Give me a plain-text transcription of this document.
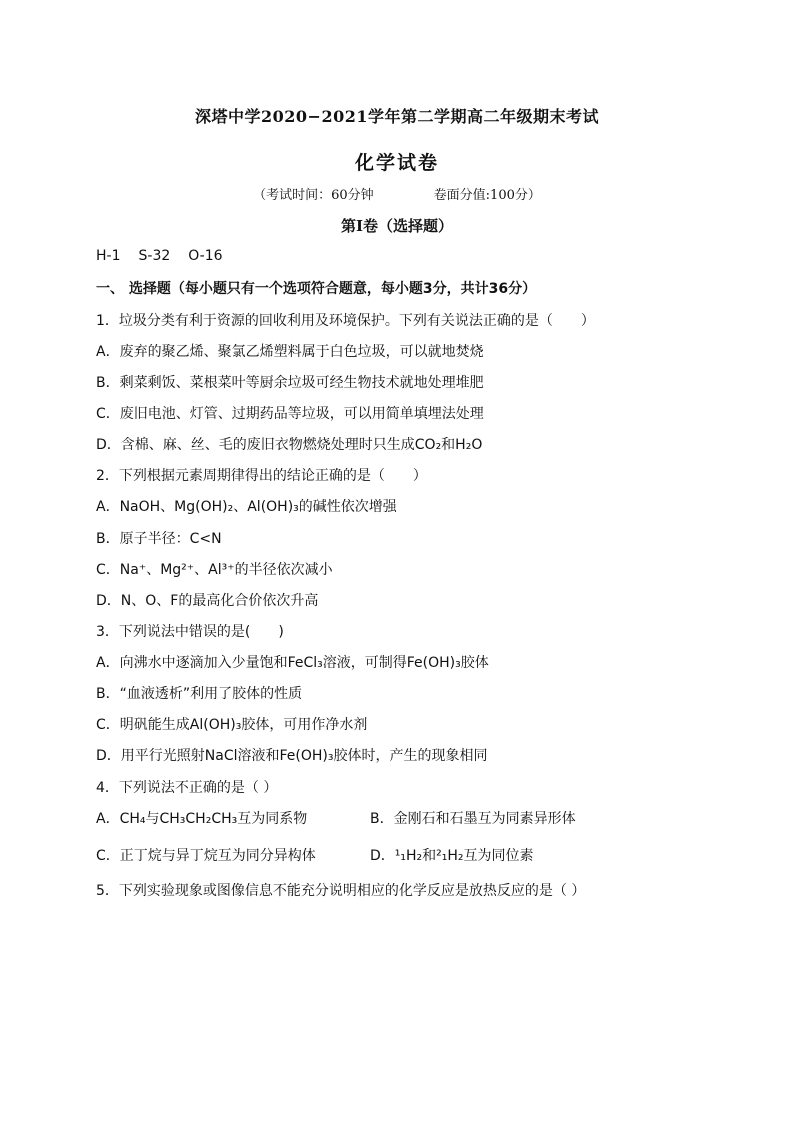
深塔中学2020−2021学年第二学期高二年级期末考试
化学试卷
（考试时间：60分钟	卷面分值:100分）
第Ⅰ卷（选择题）
H-1 S-32 O-16
一、 选择题（每小题只有一个选项符合题意，每小题3分，共计36分）
1．垃圾分类有利于资源的回收利用及环境保护。下列有关说法正确的是（　　）
A．废弃的聚乙烯、聚氯乙烯塑料属于白色垃圾，可以就地焚烧
B．剩菜剩饭、菜根菜叶等厨余垃圾可经生物技术就地处理堆肥
C．废旧电池、灯管、过期药品等垃圾，可以用简单填埋法处理
D．含棉、麻、丝、毛的废旧衣物燃烧处理时只生成CO₂和H₂O
2．下列根据元素周期律得出的结论正确的是（　　）
A．NaOH、Mg(OH)₂、Al(OH)₃的碱性依次增强
B．原子半径：C<N
C．Na⁺、Mg²⁺、Al³⁺的半径依次减小
D．N、O、F的最高化合价依次升高
3．下列说法中错误的是(　　)
A．向沸水中逐滴加入少量饱和FeCl₃溶液，可制得Fe(OH)₃胶体
B．“血液透析”利用了胶体的性质
C．明矾能生成Al(OH)₃胶体，可用作净水剂
D．用平行光照射NaCl溶液和Fe(OH)₃胶体时，产生的现象相同
4．下列说法不正确的是（ ）
A．CH₄与CH₃CH₂CH₃互为同系物	B．金刚石和石墨互为同素异形体
C．正丁烷与异丁烷互为同分异构体	D．¹₁H₂和²₁H₂互为同位素
5．下列实验现象或图像信息不能充分说明相应的化学反应是放热反应的是（ ）
